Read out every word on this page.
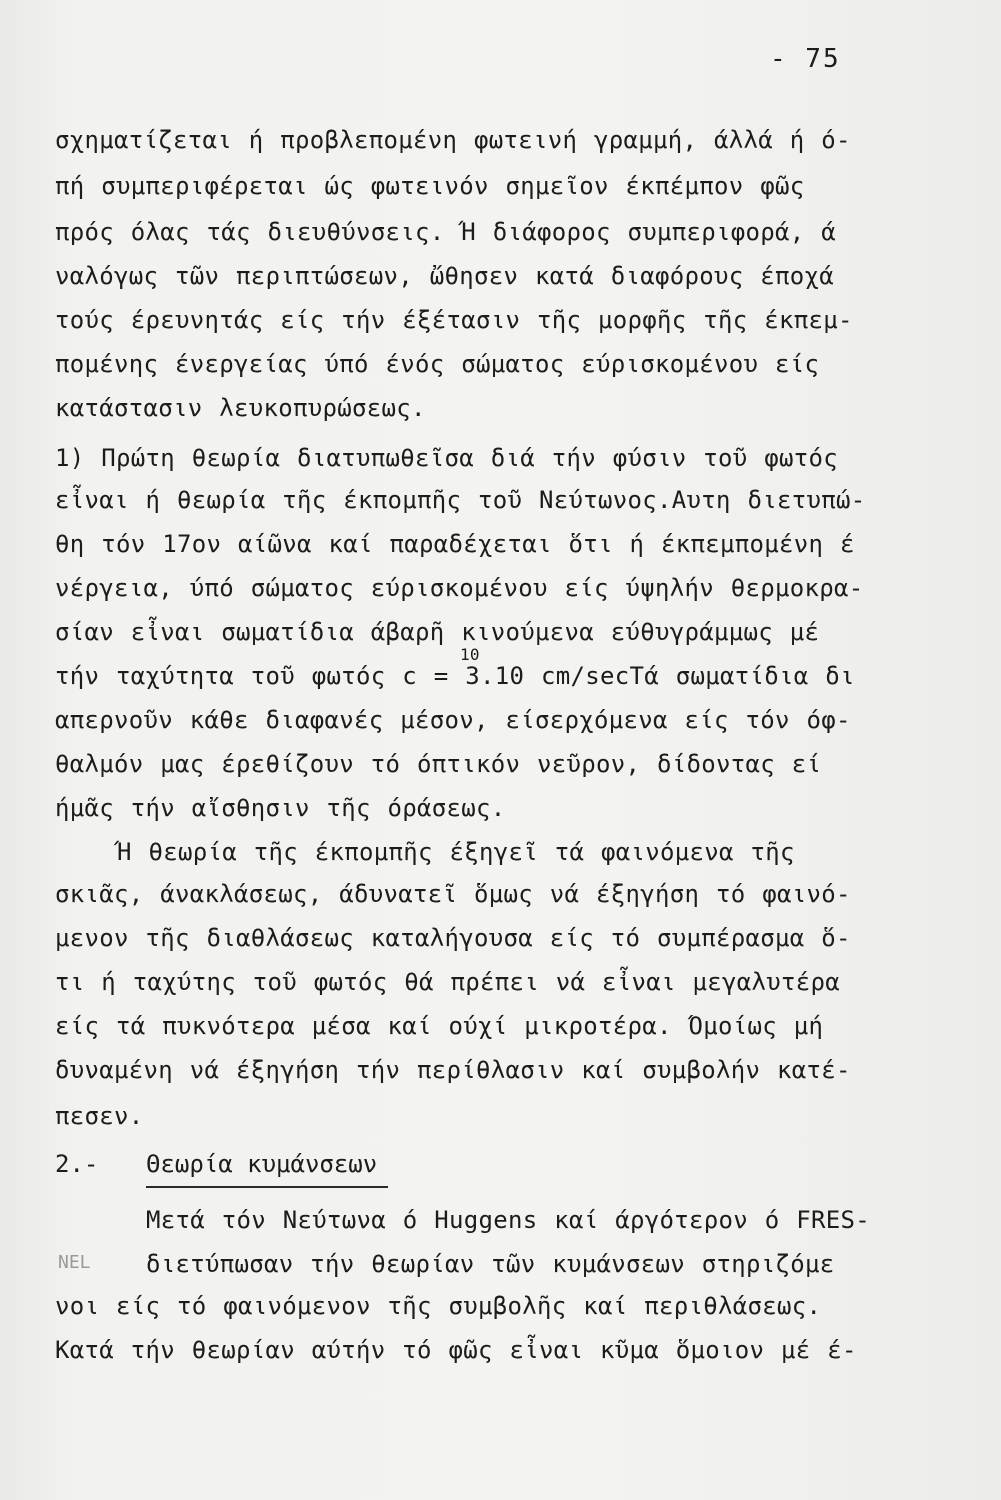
- 75
σχηματίζεται ή προβλεπομένη φωτεινή γραμμή, άλλά ή ό-
πή συμπεριφέρεται ώς φωτεινόν σημεῖον έκπέμπον φῶς
πρός όλας τάς διευθύνσεις. Ή διάφορος συμπεριφορά, ά
ναλόγως τῶν περιπτώσεων, ὤθησεν κατά διαφόρους έποχά
τούς έρευνητάς είς τήν έξέτασιν τῆς μορφῆς τῆς έκπεμ-
πομένης ένεργείας ύπό ένός σώματος εύρισκομένου είς
κατάστασιν λευκοπυρώσεως.
1) Πρώτη θεωρία διατυπωθεῖσα διά τήν φύσιν τοῦ φωτός
εἶναι ή θεωρία τῆς έκπομπῆς τοῦ Νεύτωνος.Αυτη διετυπώ-
θη τόν 17ον αίῶνα καί παραδέχεται ὅτι ή έκπεμπομένη έ
νέργεια, ύπό σώματος εύρισκομένου είς ύψηλήν θερμοκρα-
σίαν εἶναι σωματίδια άβαρῆ κινούμενα εύθυγράμμως μέ
τήν ταχύτητα τοῦ φωτός c = 3.10 cm/secΤά σωματίδια δι
10
απερνοῦν κάθε διαφανές μέσον, είσερχόμενα είς τόν όφ-
θαλμόν μας έρεθίζουν τό όπτικόν νεῦρον, δίδοντας εί
ήμᾶς τήν αἴσθησιν τῆς όράσεως.
Ή θεωρία τῆς έκπομπῆς έξηγεῖ τά φαινόμενα τῆς
σκιᾶς, άνακλάσεως, άδυνατεῖ ὅμως νά έξηγήση τό φαινό-
μενον τῆς διαθλάσεως καταλήγουσα είς τό συμπέρασμα ὅ-
τι ή ταχύτης τοῦ φωτός θά πρέπει νά εἶναι μεγαλυτέρα
είς τά πυκνότερα μέσα καί ούχί μικροτέρα. Όμοίως μή
δυναμένη νά έξηγήση τήν περίθλασιν καί συμβολήν κατέ-
πεσεν.
2.- Θεωρία κυμάνσεων
Μετά τόν Νεύτωνα ό Huggens καί άργότερον ό FRES-
NEL διετύπωσαν τήν θεωρίαν τῶν κυμάνσεων στηριζόμε
νοι είς τό φαινόμενον τῆς συμβολῆς καί περιθλάσεως.
Κατά τήν θεωρίαν αύτήν τό φῶς εἶναι κῦμα ὅμοιον μέ έ-
